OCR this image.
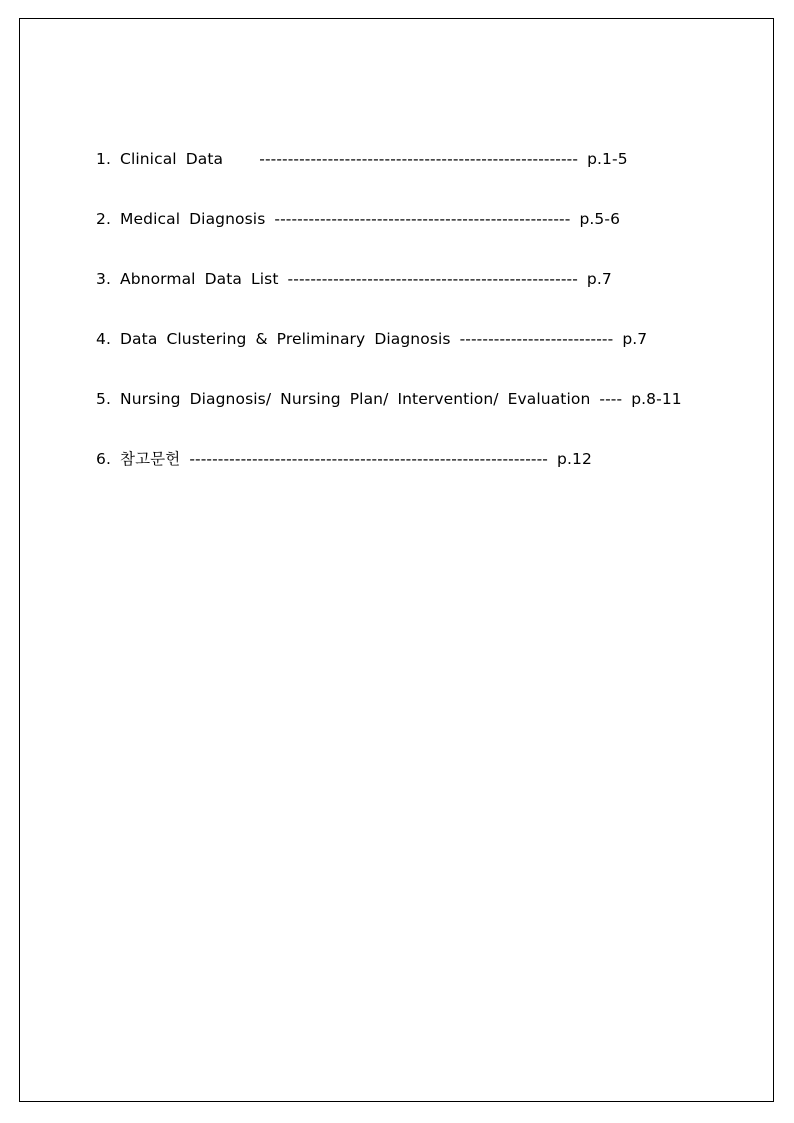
1. Clinical Data    -------------------------------------------------------- p.1-5
2. Medical Diagnosis ---------------------------------------------------- p.5-6
3. Abnormal Data List --------------------------------------------------- p.7
4. Data Clustering & Preliminary Diagnosis --------------------------- p.7
5. Nursing Diagnosis/ Nursing Plan/ Intervention/ Evaluation ---- p.8-11
6. 참고문헌 --------------------------------------------------------------- p.12
